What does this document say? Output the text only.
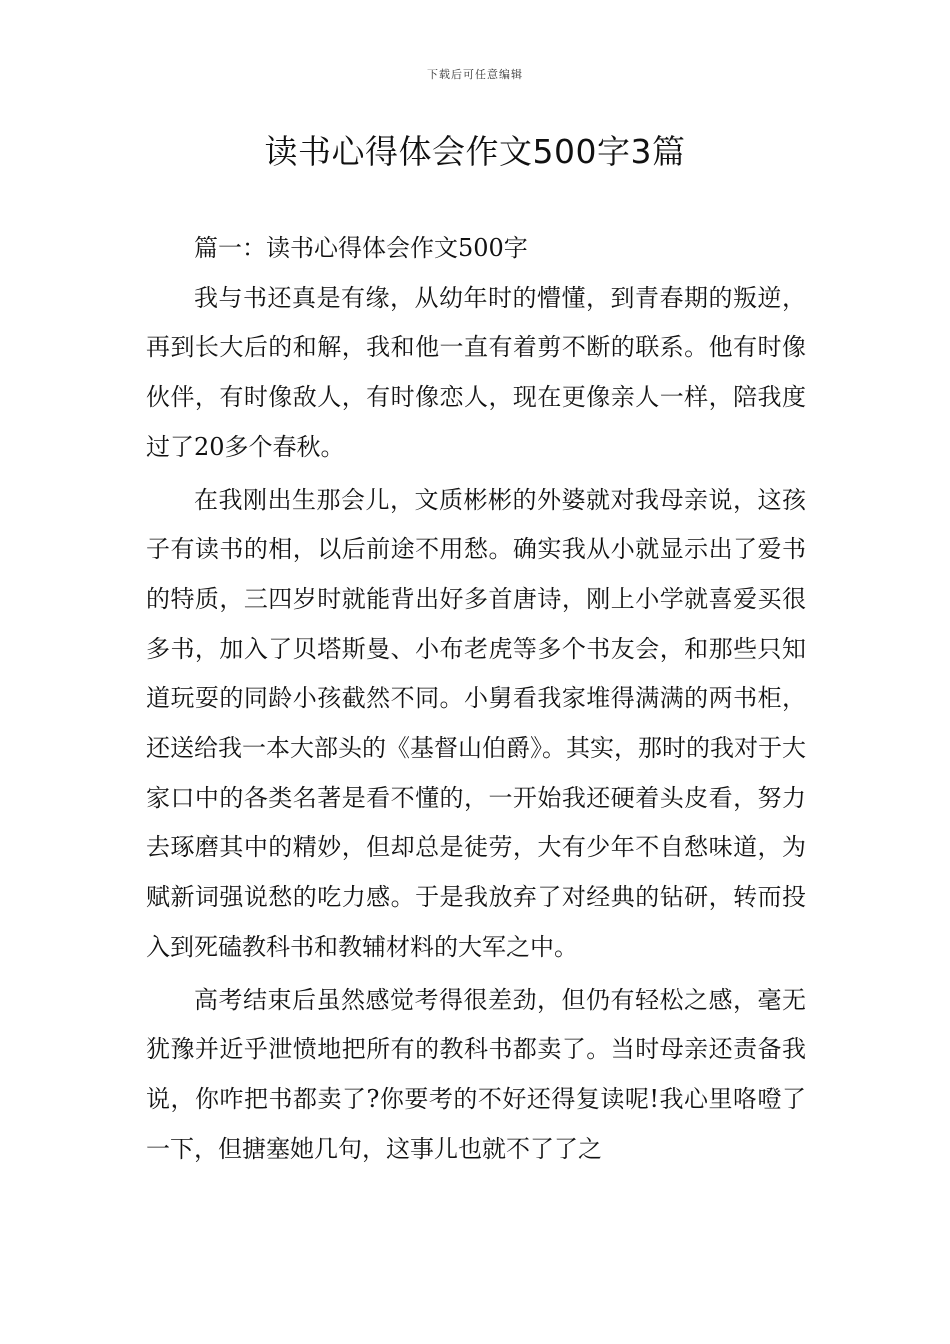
下载后可任意编辑
读书心得体会作文500字3篇

篇一：读书心得体会作文500字

我与书还真是有缘，从幼年时的懵懂，到青春期的叛逆，再到长大后的和解，我和他一直有着剪不断的联系。他有时像伙伴，有时像敌人，有时像恋人，现在更像亲人一样，陪我度过了20多个春秋。

在我刚出生那会儿，文质彬彬的外婆就对我母亲说，这孩子有读书的相，以后前途不用愁。确实我从小就显示出了爱书的特质，三四岁时就能背出好多首唐诗，刚上小学就喜爱买很多书，加入了贝塔斯曼、小布老虎等多个书友会，和那些只知道玩耍的同龄小孩截然不同。小舅看我家堆得满满的两书柜，还送给我一本大部头的《基督山伯爵》。其实，那时的我对于大家口中的各类名著是看不懂的，一开始我还硬着头皮看，努力去琢磨其中的精妙，但却总是徒劳，大有少年不自愁味道，为赋新词强说愁的吃力感。于是我放弃了对经典的钻研，转而投入到死磕教科书和教辅材料的大军之中。

高考结束后虽然感觉考得很差劲，但仍有轻松之感，毫无犹豫并近乎泄愤地把所有的教科书都卖了。当时母亲还责备我说，你咋把书都卖了?你要考的不好还得复读呢!我心里咯噔了一下，但搪塞她几句，这事儿也就不了了之
